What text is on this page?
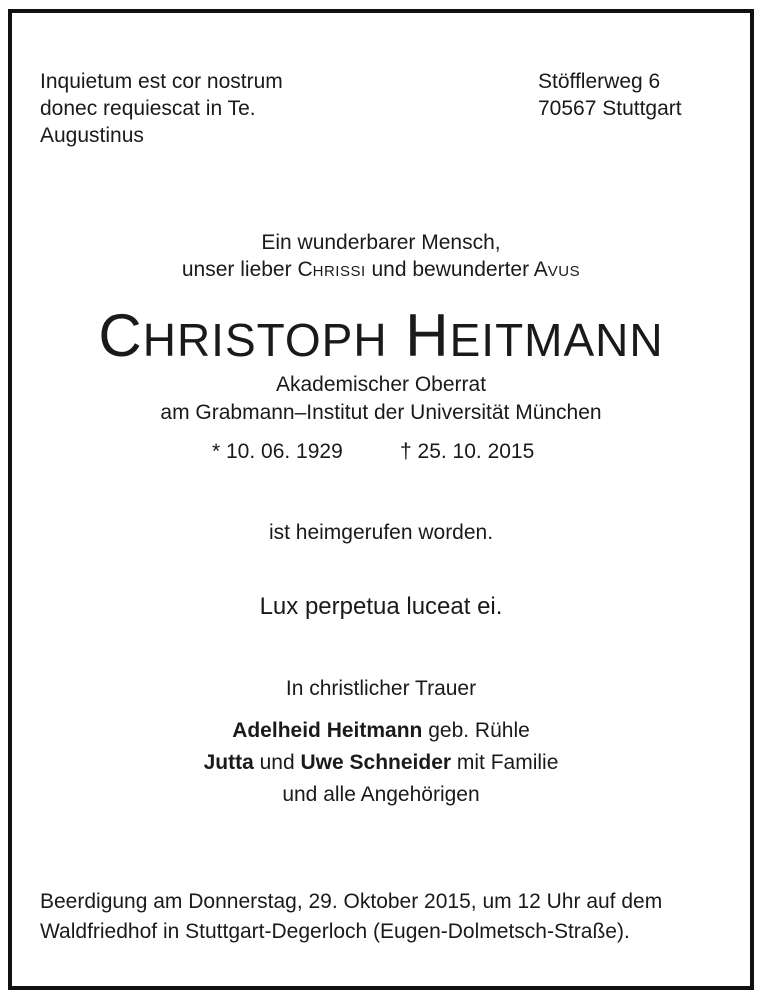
Inquietum est cor nostrum
donec requiescat in Te.
Augustinus
Stöfflerweg 6
70567 Stuttgart
Ein wunderbarer Mensch,
unser lieber CHRISSI und bewunderter AVUS
CHRISTOPH HEITMANN
Akademischer Oberrat
am Grabmann–Institut der Universität München
* 10. 06. 1929	† 25. 10. 2015
ist heimgerufen worden.
Lux perpetua luceat ei.
In christlicher Trauer
Adelheid Heitmann geb. Rühle
Jutta und Uwe Schneider mit Familie
und alle Angehörigen
Beerdigung am Donnerstag, 29. Oktober 2015, um 12 Uhr auf dem
Waldfriedhof in Stuttgart-Degerloch (Eugen-Dolmetsch-Straße).
